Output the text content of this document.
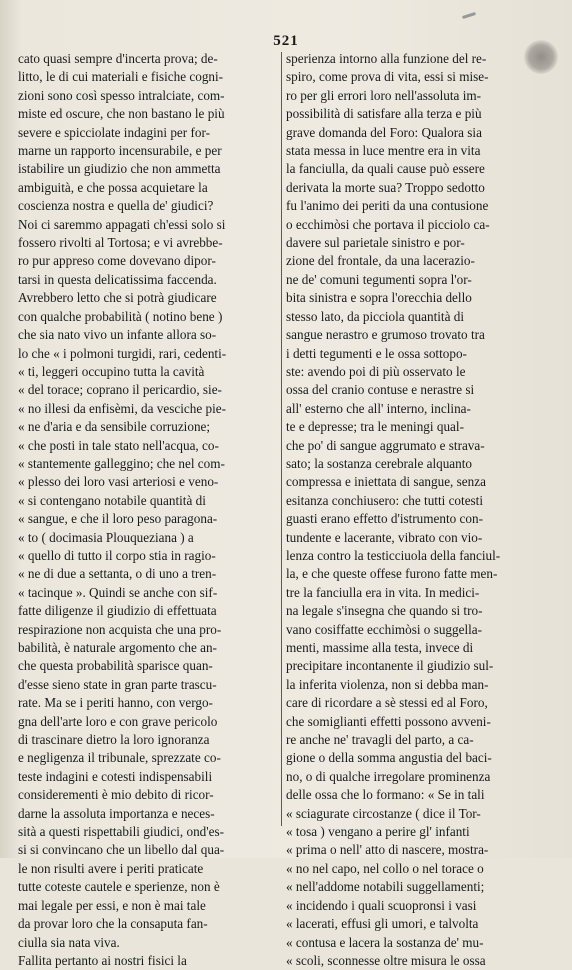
521
cato quasi sempre d'incerta prova; de-
litto, le di cui materiali e fisiche cogni-
zioni sono così spesso intralciate, com-
miste ed oscure, che non bastano le più
severe e spicciolate indagini per for-
marne un rapporto incensurabile, e per
istabilire un giudizio che non ammetta
ambiguità, e che possa acquietare la
coscienza nostra e quella de' giudici?
Noi ci saremmo appagati ch'essi solo si
fossero rivolti al Tortosa; e vi avrebbe-
ro pur appreso come dovevano dipor-
tarsi in questa delicatissima faccenda.
Avrebbero letto che si potrà giudicare
con qualche probabilità ( notino bene )
che sia nato vivo un infante allora so-
lo che « i polmoni turgidi, rari, cedenti-
« ti, leggeri occupino tutta la cavità
« del torace; coprano il pericardio, sie-
« no illesi da enfisèmi, da vesciche pie-
« ne d'aria e da sensibile corruzione;
« che posti in tale stato nell'acqua, co-
« stantemente galleggino; che nel com-
« plesso dei loro vasi arteriosi e veno-
« si contengano notabile quantità di
« sangue, e che il loro peso paragona-
« to ( docimasia Plouqueziana ) a
« quello di tutto il corpo stia in ragio-
« ne di due a settanta, o di uno a tren-
« tacinque ». Quindi se anche con sif-
fatte diligenze il giudizio di effettuata
respirazione non acquista che una pro-
babilità, è naturale argomento che an-
che questa probabilità sparisce quan-
d'esse sieno state in gran parte trascu-
rate. Ma se i periti hanno, con vergo-
gna dell'arte loro e con grave pericolo
di trascinare dietro la loro ignoranza
e negligenza il tribunale, sprezzate co-
teste indagini e cotesti indispensabili
considerementi è mio debito di ricor-
darne la assoluta importanza e neces-
sità a questi rispettabili giudici, ond'es-
si si convincano che un libello dal qua-
le non risulti avere i periti praticate
tutte coteste cautele e sperienze, non è
mai legale per essi, e non è mai tale
da provar loro che la consaputa fan-
ciulla sia nata viva.
Fallita pertanto ai nostri fisici la
sperienza intorno alla funzione del re-
spiro, come prova di vita, essi si mise-
ro per gli errori loro nell'assoluta im-
possibilità di satisfare alla terza e più
grave domanda del Foro: Qualora sia
stata messa in luce mentre era in vita
la fanciulla, da quali cause può essere
derivata la morte sua? Troppo sedotto
fu l'animo dei periti da una contusione
o ecchimòsi che portava il picciolo ca-
davere sul parietale sinistro e por-
zione del frontale, da una lacerazio-
ne de' comuni tegumenti sopra l'or-
bita sinistra e sopra l'orecchia dello
stesso lato, da picciola quantità di
sangue nerastro e grumoso trovato tra
i detti tegumenti e le ossa sottopo-
ste: avendo poi di più osservato le
ossa del cranio contuse e nerastre si
all' esterno che all' interno, inclina-
te e depresse; tra le meningi qual-
che po' di sangue aggrumato e strava-
sato; la sostanza cerebrale alquanto
compressa e iniettata di sangue, senza
esitanza conchiusero: che tutti cotesti
guasti erano effetto d'istrumento con-
tundente e lacerante, vibrato con vio-
lenza contro la testicciuola della fanciul-
la, e che queste offese furono fatte men-
tre la fanciulla era in vita. In medici-
na legale s'insegna che quando si tro-
vano cosiffatte ecchimòsi o suggella-
menti, massime alla testa, invece di
precipitare incontanente il giudizio sul-
la inferita violenza, non si debba man-
care di ricordare a sè stessi ed al Foro,
che somiglianti effetti possono avveni-
re anche ne' travagli del parto, a ca-
gione o della somma angustia del baci-
no, o di qualche irregolare prominenza
delle ossa che lo formano: « Se in tali
« sciagurate circostanze ( dice il Tor-
« tosa ) vengano a perire gl' infanti
« prima o nell' atto di nascere, mostra-
« no nel capo, nel collo o nel torace o
« nell'addome notabili suggellamenti;
« incidendo i quali scuopronsi i vasi
« lacerati, effusi gli umori, e talvolta
« contusa e lacera la sostanza de' mu-
« scoli, sconnesse oltre misura le ossa
